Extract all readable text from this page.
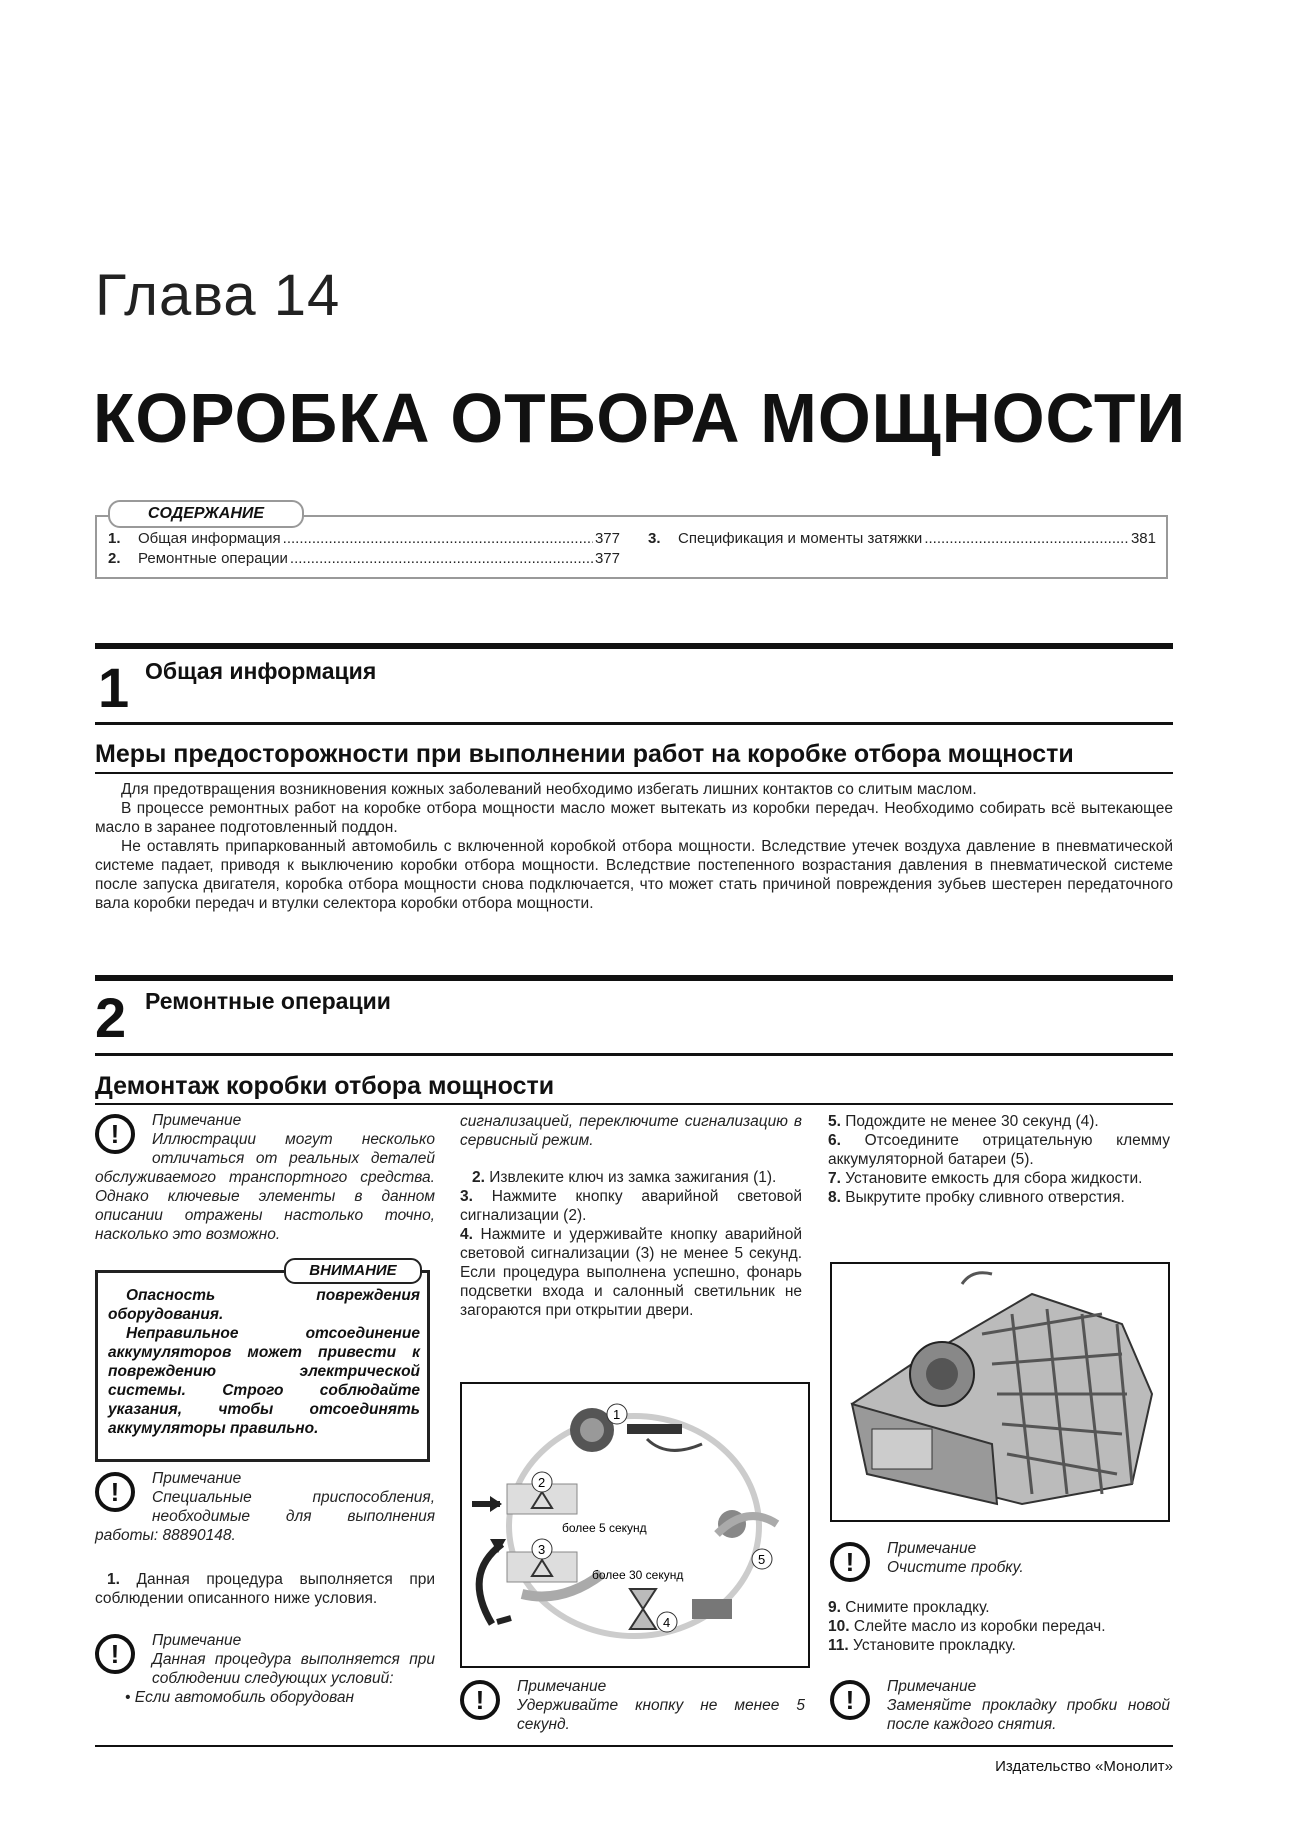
Глава 14
КОРОБКА ОТБОРА МОЩНОСТИ
СОДЕРЖАНИЕ
1.	Общая информация .....	377
2.	Ремонтные операции .....	377
3.	Спецификация и моменты затяжки .....	381
1 Общая информация
Меры предосторожности при выполнении работ на коробке отбора мощности

Для предотвращения возникновения кожных заболеваний необходимо избегать лишних контактов со слитым маслом.

В процессе ремонтных работ на коробке отбора мощности масло может вытекать из коробки передач. Необходимо собирать всё вытекающее масло в заранее подготовленный поддон.

Не оставлять припаркованный автомобиль с включенной коробкой отбора мощности. Вследствие утечек воздуха давление в пневматической системе падает, приводя к выключению коробки отбора мощности. Вследствие постепенного возрастания давления в пневматической системе после запуска двигателя, коробка отбора мощности снова подключается, что может стать причиной повреждения зубьев шестерен передаточного вала коробки передач и втулки селектора коробки отбора мощности.

2 Ремонтные операции
Демонтаж коробки отбора мощности
!	Примечание
Иллюстрации могут несколько отличаться от реальных деталей обслуживаемого транспортного средства. Однако ключевые элементы в данном описании отражены настолько точно, насколько это возможно.
ВНИМАНИЕ

Опасность повреждения оборудования.

Неправильное отсоединение аккумуляторов может привести к повреждению электрической системы. Строго соблюдайте указания, чтобы отсоединять аккумуляторы правильно.

!	Примечание
Специальные приспособления, необходимые для выполнения работы: 88890148.

1. Данная процедура выполняется при соблюдении описанного ниже условия.

!	Примечание
Данная процедура выполняется при соблюдении следующих условий:
• Если автомобиль оборудован

сигнализацией, переключите сигнализацию в сервисный режим.

2. Извлеките ключ из замка зажигания (1).

3. Нажмите кнопку аварийной световой сигнализации (2).

4. Нажмите и удерживайте кнопку аварийной световой сигнализации (3) не менее 5 секунд. Если процедура выполнена успешно, фонарь подсветки входа и салонный светильник не загораются при открытии двери.

1
2
3
4
5
более 5 секунд
более 30 секунд
!	Примечание
Удерживайте кнопку не менее 5 секунд.

5. Подождите не менее 30 секунд (4).

6. Отсоедините отрицательную клемму аккумуляторной батареи (5).

7. Установите емкость для сбора жидкости.

8. Выкрутите пробку сливного отверстия.

!	Примечание
Очистите пробку.

9. Снимите прокладку.

10. Слейте масло из коробки передач.

11. Установите прокладку.

!	Примечание
Заменяйте прокладку пробки новой после каждого снятия.
Издательство «Монолит»
